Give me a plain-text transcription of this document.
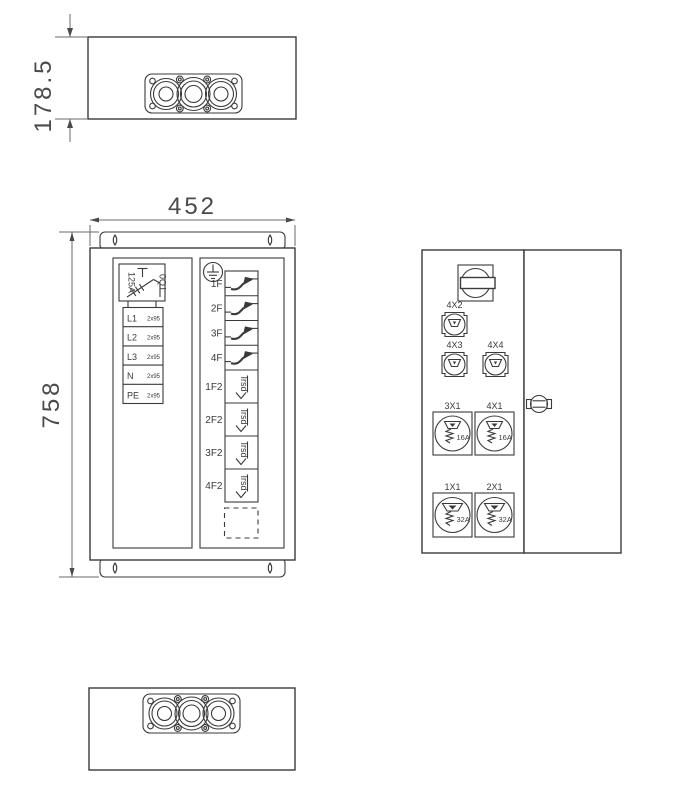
178.5
452
758
125A 0Q1
L1 2x95
L2 2x95
L3 2x95
N 2x95
PE 2x95
Irsd
Irsd
Irsd
Irsd
1F
2F
3F
4F
1F2
2F2
3F2
4F2
4X2
4X3	4X4
3X1
16A
4X1
16A
1X1
32A
2X1
32A
